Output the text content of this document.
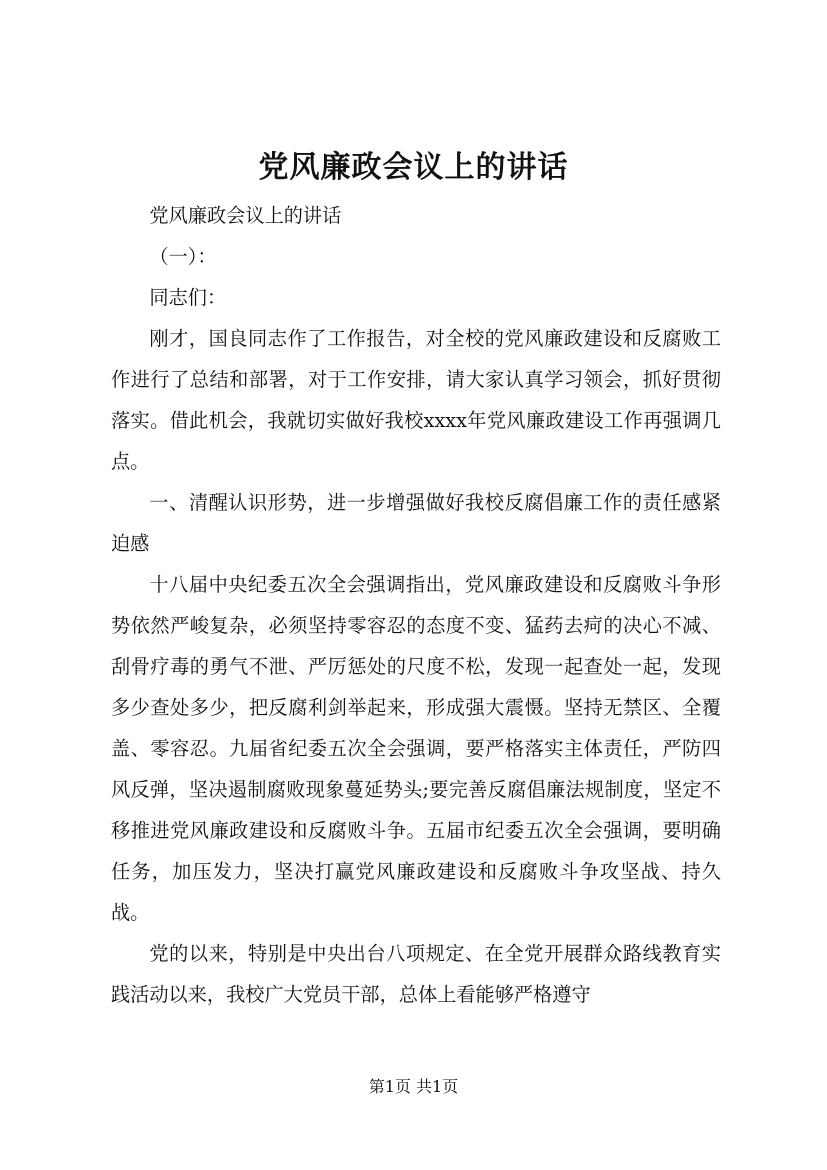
党风廉政会议上的讲话

党风廉政会议上的讲话

（一）：

同志们：

刚才，国良同志作了工作报告，对全校的党风廉政建设和反腐败工作进行了总结和部署，对于工作安排，请大家认真学习领会，抓好贯彻落实。借此机会，我就切实做好我校xxxx年党风廉政建设工作再强调几点。

一、清醒认识形势，进一步增强做好我校反腐倡廉工作的责任感紧迫感

十八届中央纪委五次全会强调指出，党风廉政建设和反腐败斗争形势依然严峻复杂，必须坚持零容忍的态度不变、猛药去疴的决心不减、刮骨疗毒的勇气不泄、严厉惩处的尺度不松，发现一起查处一起，发现多少查处多少，把反腐利剑举起来，形成强大震慑。坚持无禁区、全覆盖、零容忍。九届省纪委五次全会强调，要严格落实主体责任，严防四风反弹，坚决遏制腐败现象蔓延势头;要完善反腐倡廉法规制度，坚定不移推进党风廉政建设和反腐败斗争。五届市纪委五次全会强调，要明确任务，加压发力，坚决打赢党风廉政建设和反腐败斗争攻坚战、持久战。

党的以来，特别是中央出台八项规定、在全党开展群众路线教育实践活动以来，我校广大党员干部，总体上看能够严格遵守

第1页 共1页
